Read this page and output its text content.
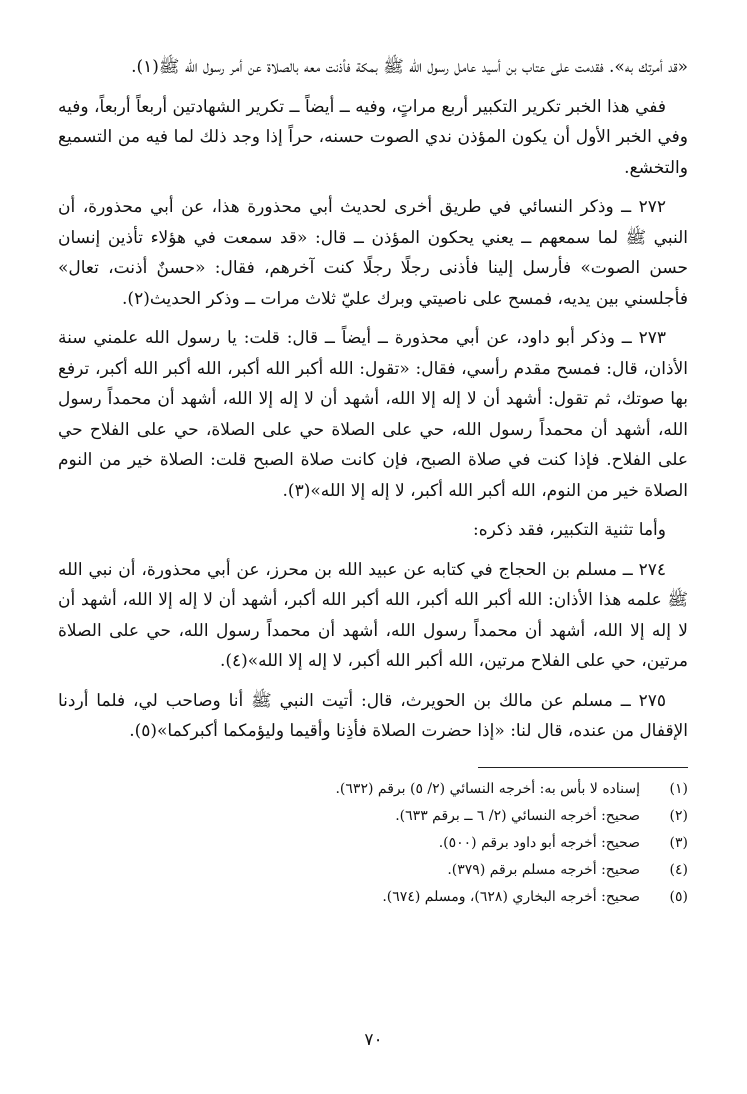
«قد أمرتك به». فقدمت على عتاب بن أسيد عامل رسول الله ﷺ بمكة فأذنت معه بالصلاة عن أمر رسول الله ﷺ(١).

ففي هذا الخبر تكرير التكبير أربع مراتٍ، وفيه ــ أيضاً ــ تكرير الشهادتين أربعاً أربعاً، وفيه وفي الخبر الأول أن يكون المؤذن ندي الصوت حسنه، حراً إذا وجد ذلك لما فيه من التسميع والتخشع.

٢٧٢ ــ وذكر النسائي في طريق أخرى لحديث أبي محذورة هذا، عن أبي محذورة، أن النبي ﷺ لما سمعهم ــ يعني يحكون المؤذن ــ قال: «قد سمعت في هؤلاء تأذين إنسان حسن الصوت» فأرسل إلينا فأذنى رجلًا رجلًا كنت آخرهم، فقال: «حسنٌ أذنت، تعال» فأجلسني بين يديه، فمسح على ناصيتي وبرك عليّ ثلاث مرات ــ وذكر الحديث(٢).

٢٧٣ ــ وذكر أبو داود، عن أبي محذورة ــ أيضاً ــ قال: قلت: يا رسول الله علمني سنة الأذان، قال: فمسح مقدم رأسي، فقال: «تقول: الله أكبر الله أكبر، الله أكبر الله أكبر، ترفع بها صوتك، ثم تقول: أشهد أن لا إله إلا الله، أشهد أن لا إله إلا الله، أشهد أن محمداً رسول الله، أشهد أن محمداً رسول الله، حي على الصلاة حي على الصلاة، حي على الفلاح حي على الفلاح. فإذا كنت في صلاة الصبح، فإن كانت صلاة الصبح قلت: الصلاة خير من النوم الصلاة خير من النوم، الله أكبر الله أكبر، لا إله إلا الله»(٣).

وأما تثنية التكبير، فقد ذكره:

٢٧٤ ــ مسلم بن الحجاج في كتابه عن عبيد الله بن محرز، عن أبي محذورة، أن نبي الله ﷺ علمه هذا الأذان: الله أكبر الله أكبر، الله أكبر الله أكبر، أشهد أن لا إله إلا الله، أشهد أن لا إله إلا الله، أشهد أن محمداً رسول الله، أشهد أن محمداً رسول الله، حي على الصلاة مرتين، حي على الفلاح مرتين، الله أكبر الله أكبر، لا إله إلا الله»(٤).

٢٧٥ ــ مسلم عن مالك بن الحويرث، قال: أتيت النبي ﷺ أنا وصاحب لي، فلما أردنا الإقفال من عنده، قال لنا: «إذا حضرت الصلاة فأذِنا وأقيما وليؤمكما أكبركما»(٥).

(١)
إسناده لا بأس به: أخرجه النسائي (٢/ ٥) برقم (٦٣٢).
(٢)
صحيح: أخرجه النسائي (٢/ ٦ ــ برقم ٦٣٣).
(٣)
صحيح: أخرجه أبو داود برقم (٥٠٠).
(٤)
صحيح: أخرجه مسلم برقم (٣٧٩).
(٥)
صحيح: أخرجه البخاري (٦٢٨)، ومسلم (٦٧٤).
٧٠
